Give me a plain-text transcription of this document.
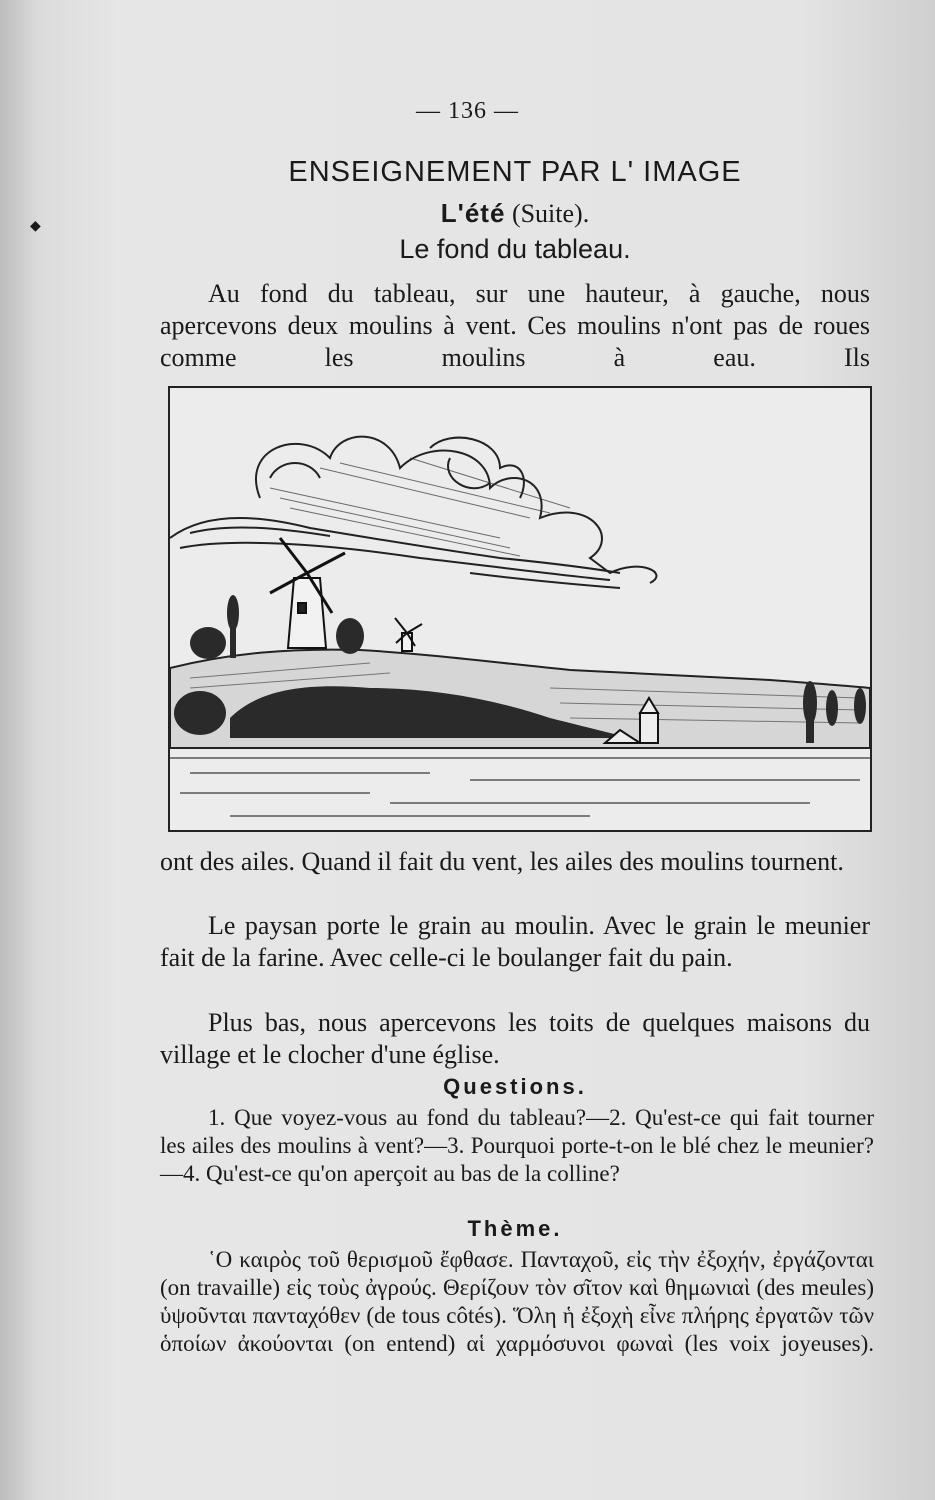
◆
— 136 —
ENSEIGNEMENT PAR L' IMAGE
L'été (Suite).
Le fond du tableau.

Au fond du tableau, sur une hauteur, à gauche, nous apercevons deux moulins à vent. Ces moulins n'ont pas de roues comme les moulins à eau. Ils

ont des ailes. Quand il fait du vent, les ailes des moulins tournent.

Le paysan porte le grain au moulin. Avec le grain le meunier fait de la farine. Avec celle-ci le boulanger fait du pain.

Plus bas, nous apercevons les toits de quelques maisons du village et le clocher d'une église.

Questions.

1. Que voyez-vous au fond du tableau?—2. Qu'est-ce qui fait tourner les ailes des moulins à vent?—3. Pourquoi porte-t-on le blé chez le meunier?—4. Qu'est-ce qu'on aperçoit au bas de la colline?

Thème.

῾Ο καιρὸς τοῦ θερισμοῦ ἔφθασε. Πανταχοῦ, εἰς τὴν ἐξοχήν, ἐργάζονται (on travaille) εἰς τοὺς ἀγρούς. Θερίζουν τὸν σῖτον καὶ θημωνιαὶ (des meules) ὑψοῦνται πανταχόθεν (de tous côtés). Ὅλη ἡ ἐξοχὴ εἶνε πλήρης ἐργατῶν τῶν ὁποίων ἀκούονται (on entend) αἱ χαρμόσυνοι φωναὶ (les voix joyeuses).
